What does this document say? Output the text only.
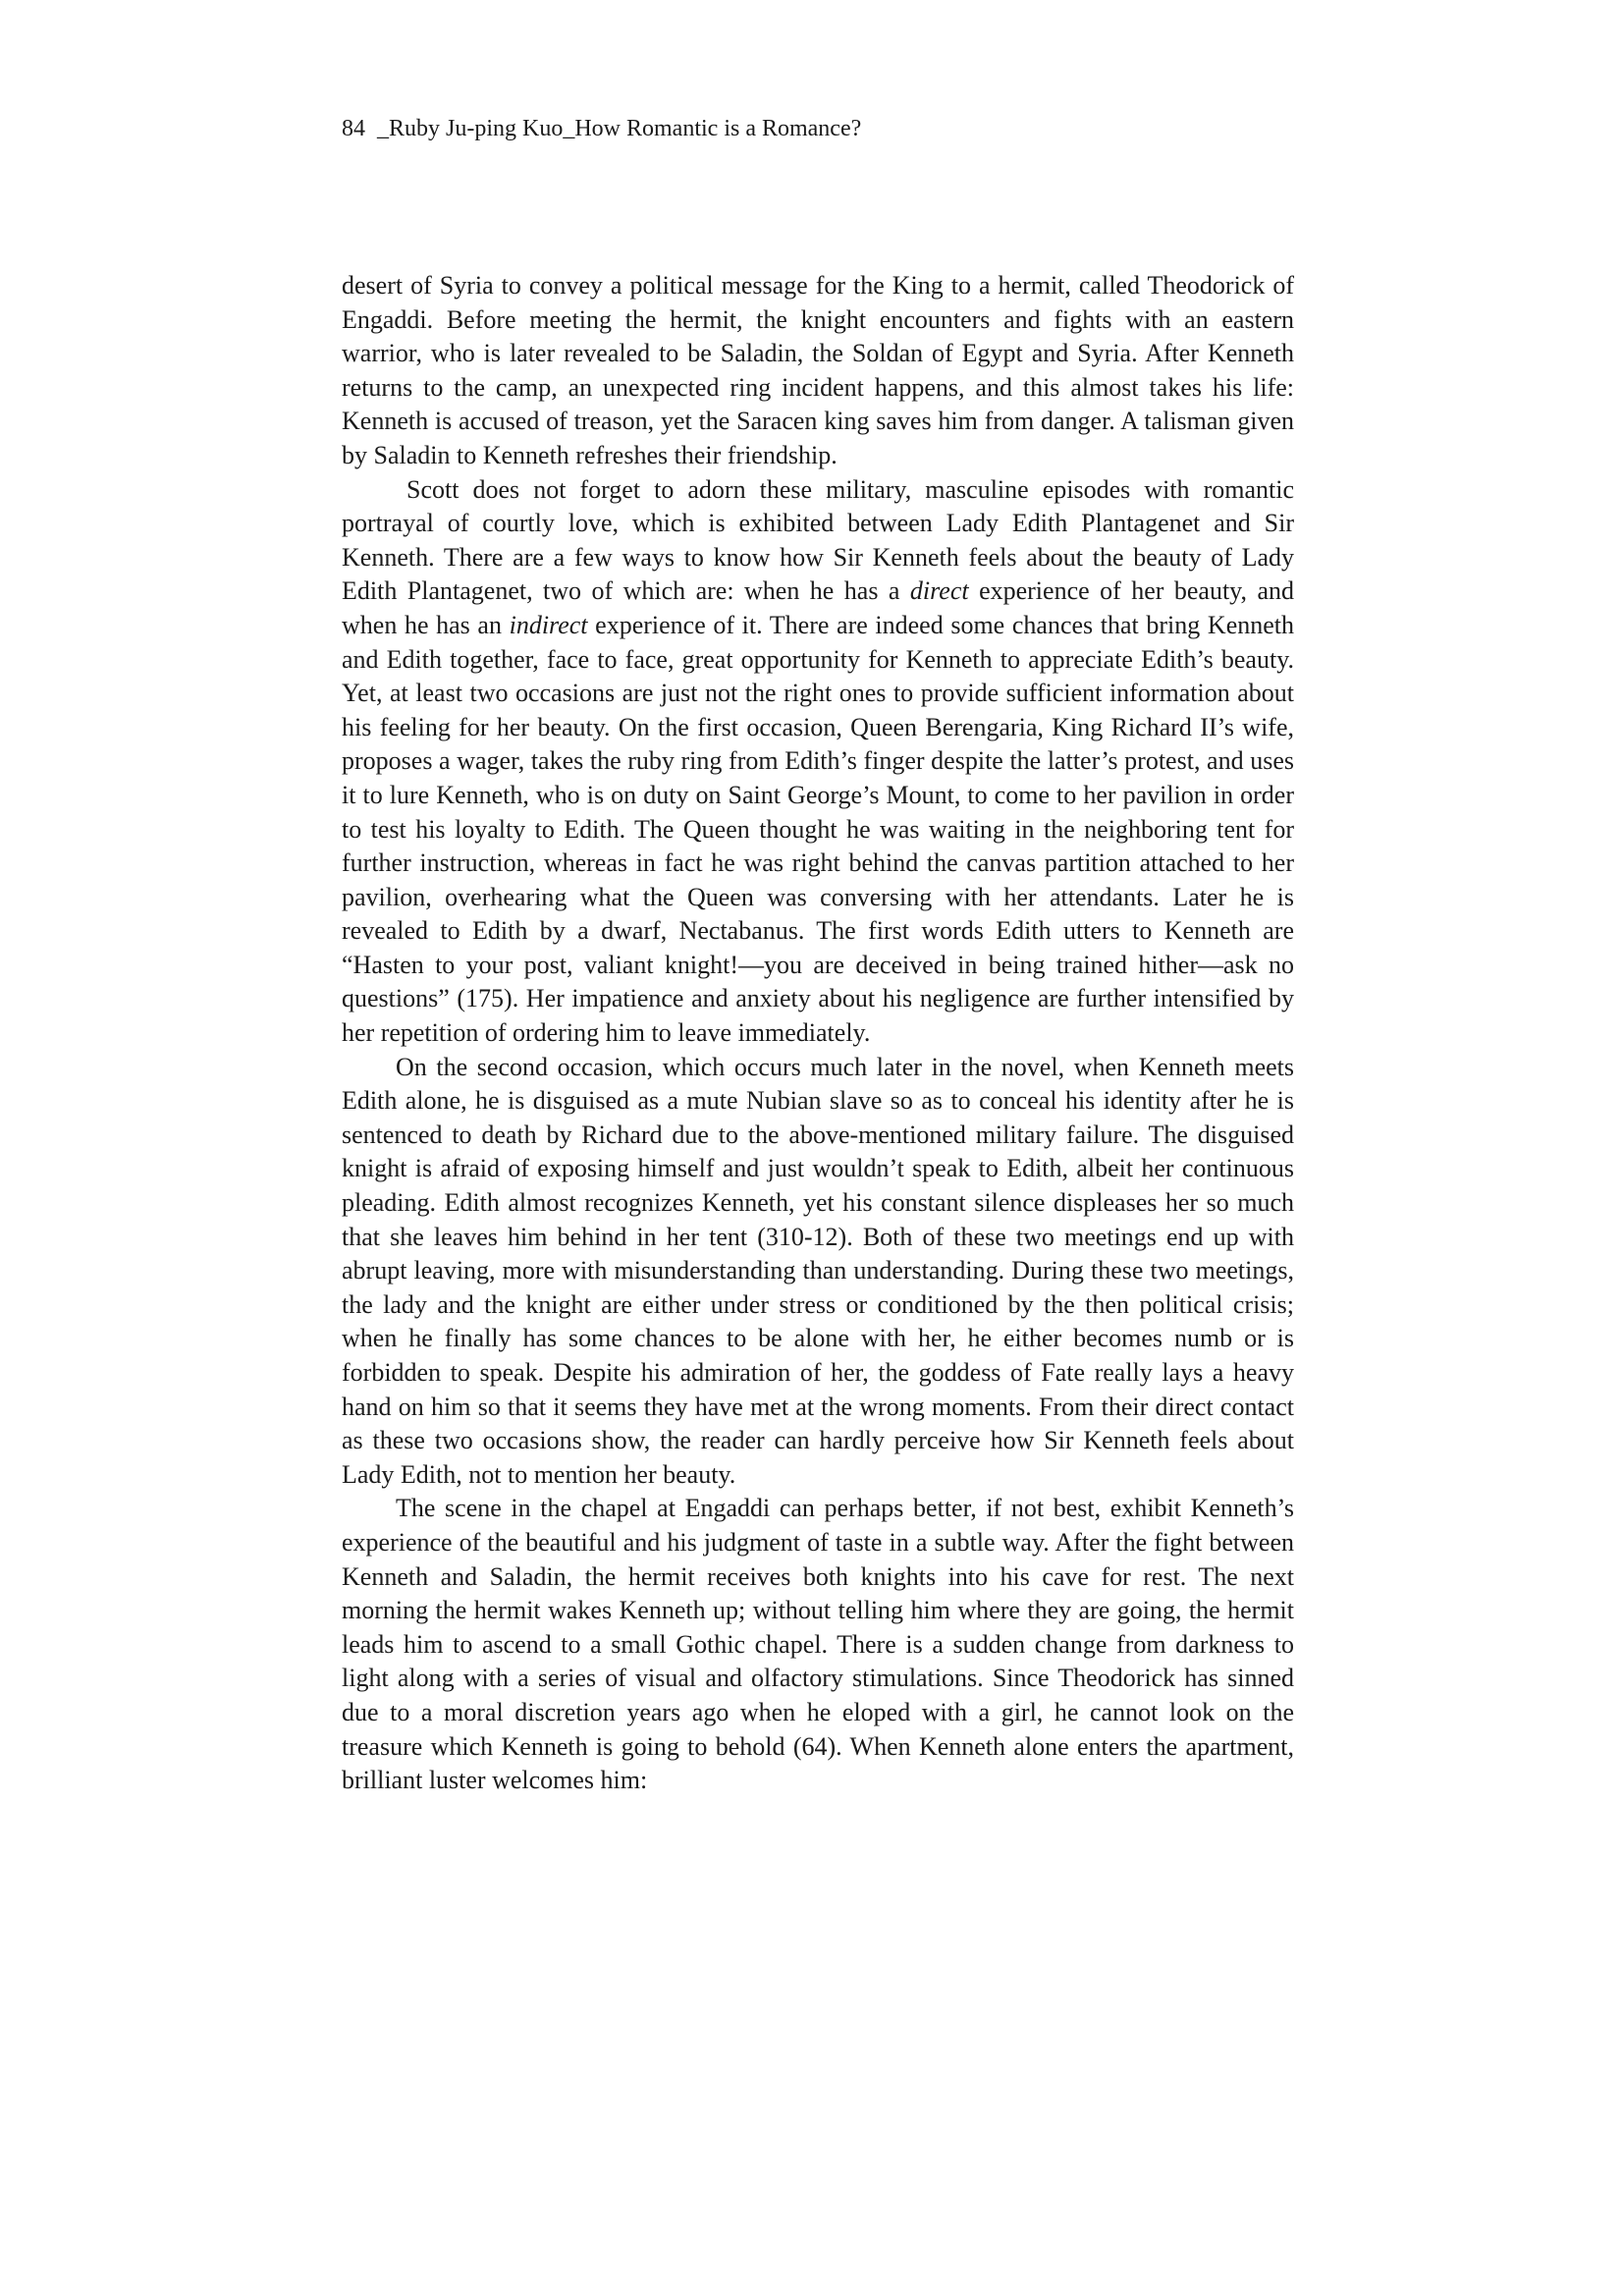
84 _Ruby Ju-ping Kuo_How Romantic is a Romance?

desert of Syria to convey a political message for the King to a hermit, called Theodorick of Engaddi. Before meeting the hermit, the knight encounters and fights with an eastern warrior, who is later revealed to be Saladin, the Soldan of Egypt and Syria. After Kenneth returns to the camp, an unexpected ring incident happens, and this almost takes his life: Kenneth is accused of treason, yet the Saracen king saves him from danger. A talisman given by Saladin to Kenneth refreshes their friendship.

Scott does not forget to adorn these military, masculine episodes with romantic portrayal of courtly love, which is exhibited between Lady Edith Plantagenet and Sir Kenneth. There are a few ways to know how Sir Kenneth feels about the beauty of Lady Edith Plantagenet, two of which are: when he has a direct experience of her beauty, and when he has an indirect experience of it. There are indeed some chances that bring Kenneth and Edith together, face to face, great opportunity for Kenneth to appreciate Edith’s beauty. Yet, at least two occasions are just not the right ones to provide sufficient information about his feeling for her beauty. On the first occasion, Queen Berengaria, King Richard II’s wife, proposes a wager, takes the ruby ring from Edith’s finger despite the latter’s protest, and uses it to lure Kenneth, who is on duty on Saint George’s Mount, to come to her pavilion in order to test his loyalty to Edith. The Queen thought he was waiting in the neighboring tent for further instruction, whereas in fact he was right behind the canvas partition attached to her pavilion, overhearing what the Queen was conversing with her attendants. Later he is revealed to Edith by a dwarf, Nectabanus. The first words Edith utters to Kenneth are “Hasten to your post, valiant knight!—you are deceived in being trained hither—ask no questions” (175). Her impatience and anxiety about his negligence are further intensified by her repetition of ordering him to leave immediately.

On the second occasion, which occurs much later in the novel, when Kenneth meets Edith alone, he is disguised as a mute Nubian slave so as to conceal his identity after he is sentenced to death by Richard due to the above-mentioned military failure. The disguised knight is afraid of exposing himself and just wouldn’t speak to Edith, albeit her continuous pleading. Edith almost recognizes Kenneth, yet his constant silence displeases her so much that she leaves him behind in her tent (310-12). Both of these two meetings end up with abrupt leaving, more with misunderstanding than understanding. During these two meetings, the lady and the knight are either under stress or conditioned by the then political crisis; when he finally has some chances to be alone with her, he either becomes numb or is forbidden to speak. Despite his admiration of her, the goddess of Fate really lays a heavy hand on him so that it seems they have met at the wrong moments. From their direct contact as these two occasions show, the reader can hardly perceive how Sir Kenneth feels about Lady Edith, not to mention her beauty.

The scene in the chapel at Engaddi can perhaps better, if not best, exhibit Kenneth’s experience of the beautiful and his judgment of taste in a subtle way. After the fight between Kenneth and Saladin, the hermit receives both knights into his cave for rest. The next morning the hermit wakes Kenneth up; without telling him where they are going, the hermit leads him to ascend to a small Gothic chapel. There is a sudden change from darkness to light along with a series of visual and olfactory stimulations. Since Theodorick has sinned due to a moral discretion years ago when he eloped with a girl, he cannot look on the treasure which Kenneth is going to behold (64). When Kenneth alone enters the apartment, brilliant luster welcomes him:
